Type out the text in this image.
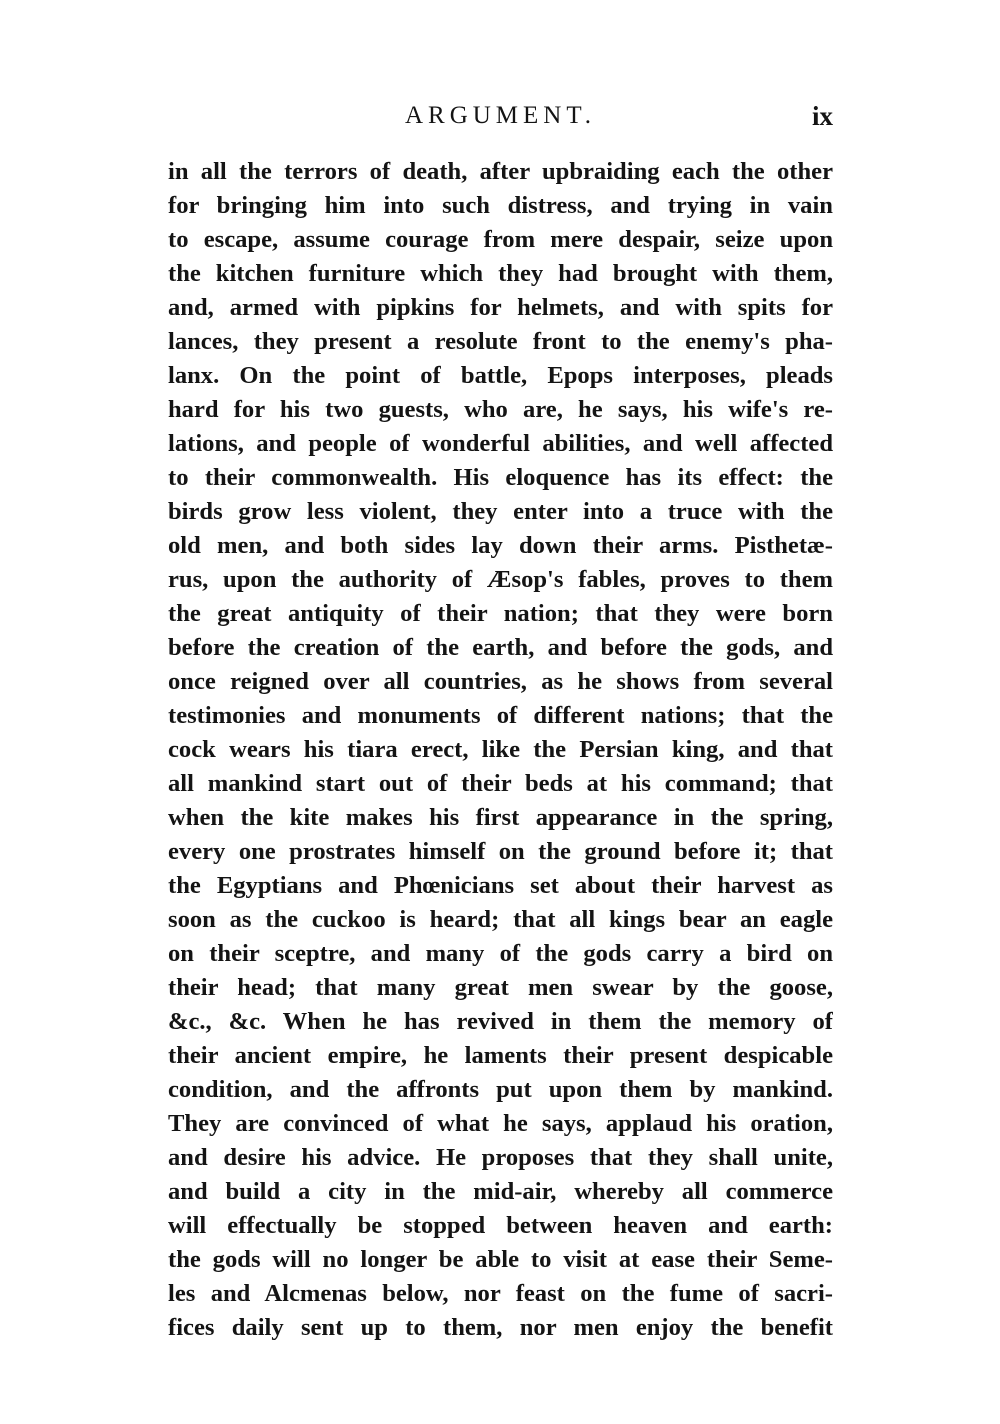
ARGUMENT.	ix
in all the terrors of death, after upbraiding each the other
for bringing him into such distress, and trying in vain
to escape, assume courage from mere despair, seize upon
the kitchen furniture which they had brought with them,
and, armed with pipkins for helmets, and with spits for
lances, they present a resolute front to the enemy's pha-
lanx. On the point of battle, Epops interposes, pleads
hard for his two guests, who are, he says, his wife's re-
lations, and people of wonderful abilities, and well affected
to their commonwealth. His eloquence has its effect: the
birds grow less violent, they enter into a truce with the
old men, and both sides lay down their arms. Pisthetæ-
rus, upon the authority of Æsop's fables, proves to them
the great antiquity of their nation; that they were born
before the creation of the earth, and before the gods, and
once reigned over all countries, as he shows from several
testimonies and monuments of different nations; that the
cock wears his tiara erect, like the Persian king, and that
all mankind start out of their beds at his command; that
when the kite makes his first appearance in the spring,
every one prostrates himself on the ground before it; that
the Egyptians and Phœnicians set about their harvest as
soon as the cuckoo is heard; that all kings bear an eagle
on their sceptre, and many of the gods carry a bird on
their head; that many great men swear by the goose,
&c., &c. When he has revived in them the memory of
their ancient empire, he laments their present despicable
condition, and the affronts put upon them by mankind.
They are convinced of what he says, applaud his oration,
and desire his advice. He proposes that they shall unite,
and build a city in the mid-air, whereby all commerce
will effectually be stopped between heaven and earth:
the gods will no longer be able to visit at ease their Seme-
les and Alcmenas below, nor feast on the fume of sacri-
fices daily sent up to them, nor men enjoy the benefit
